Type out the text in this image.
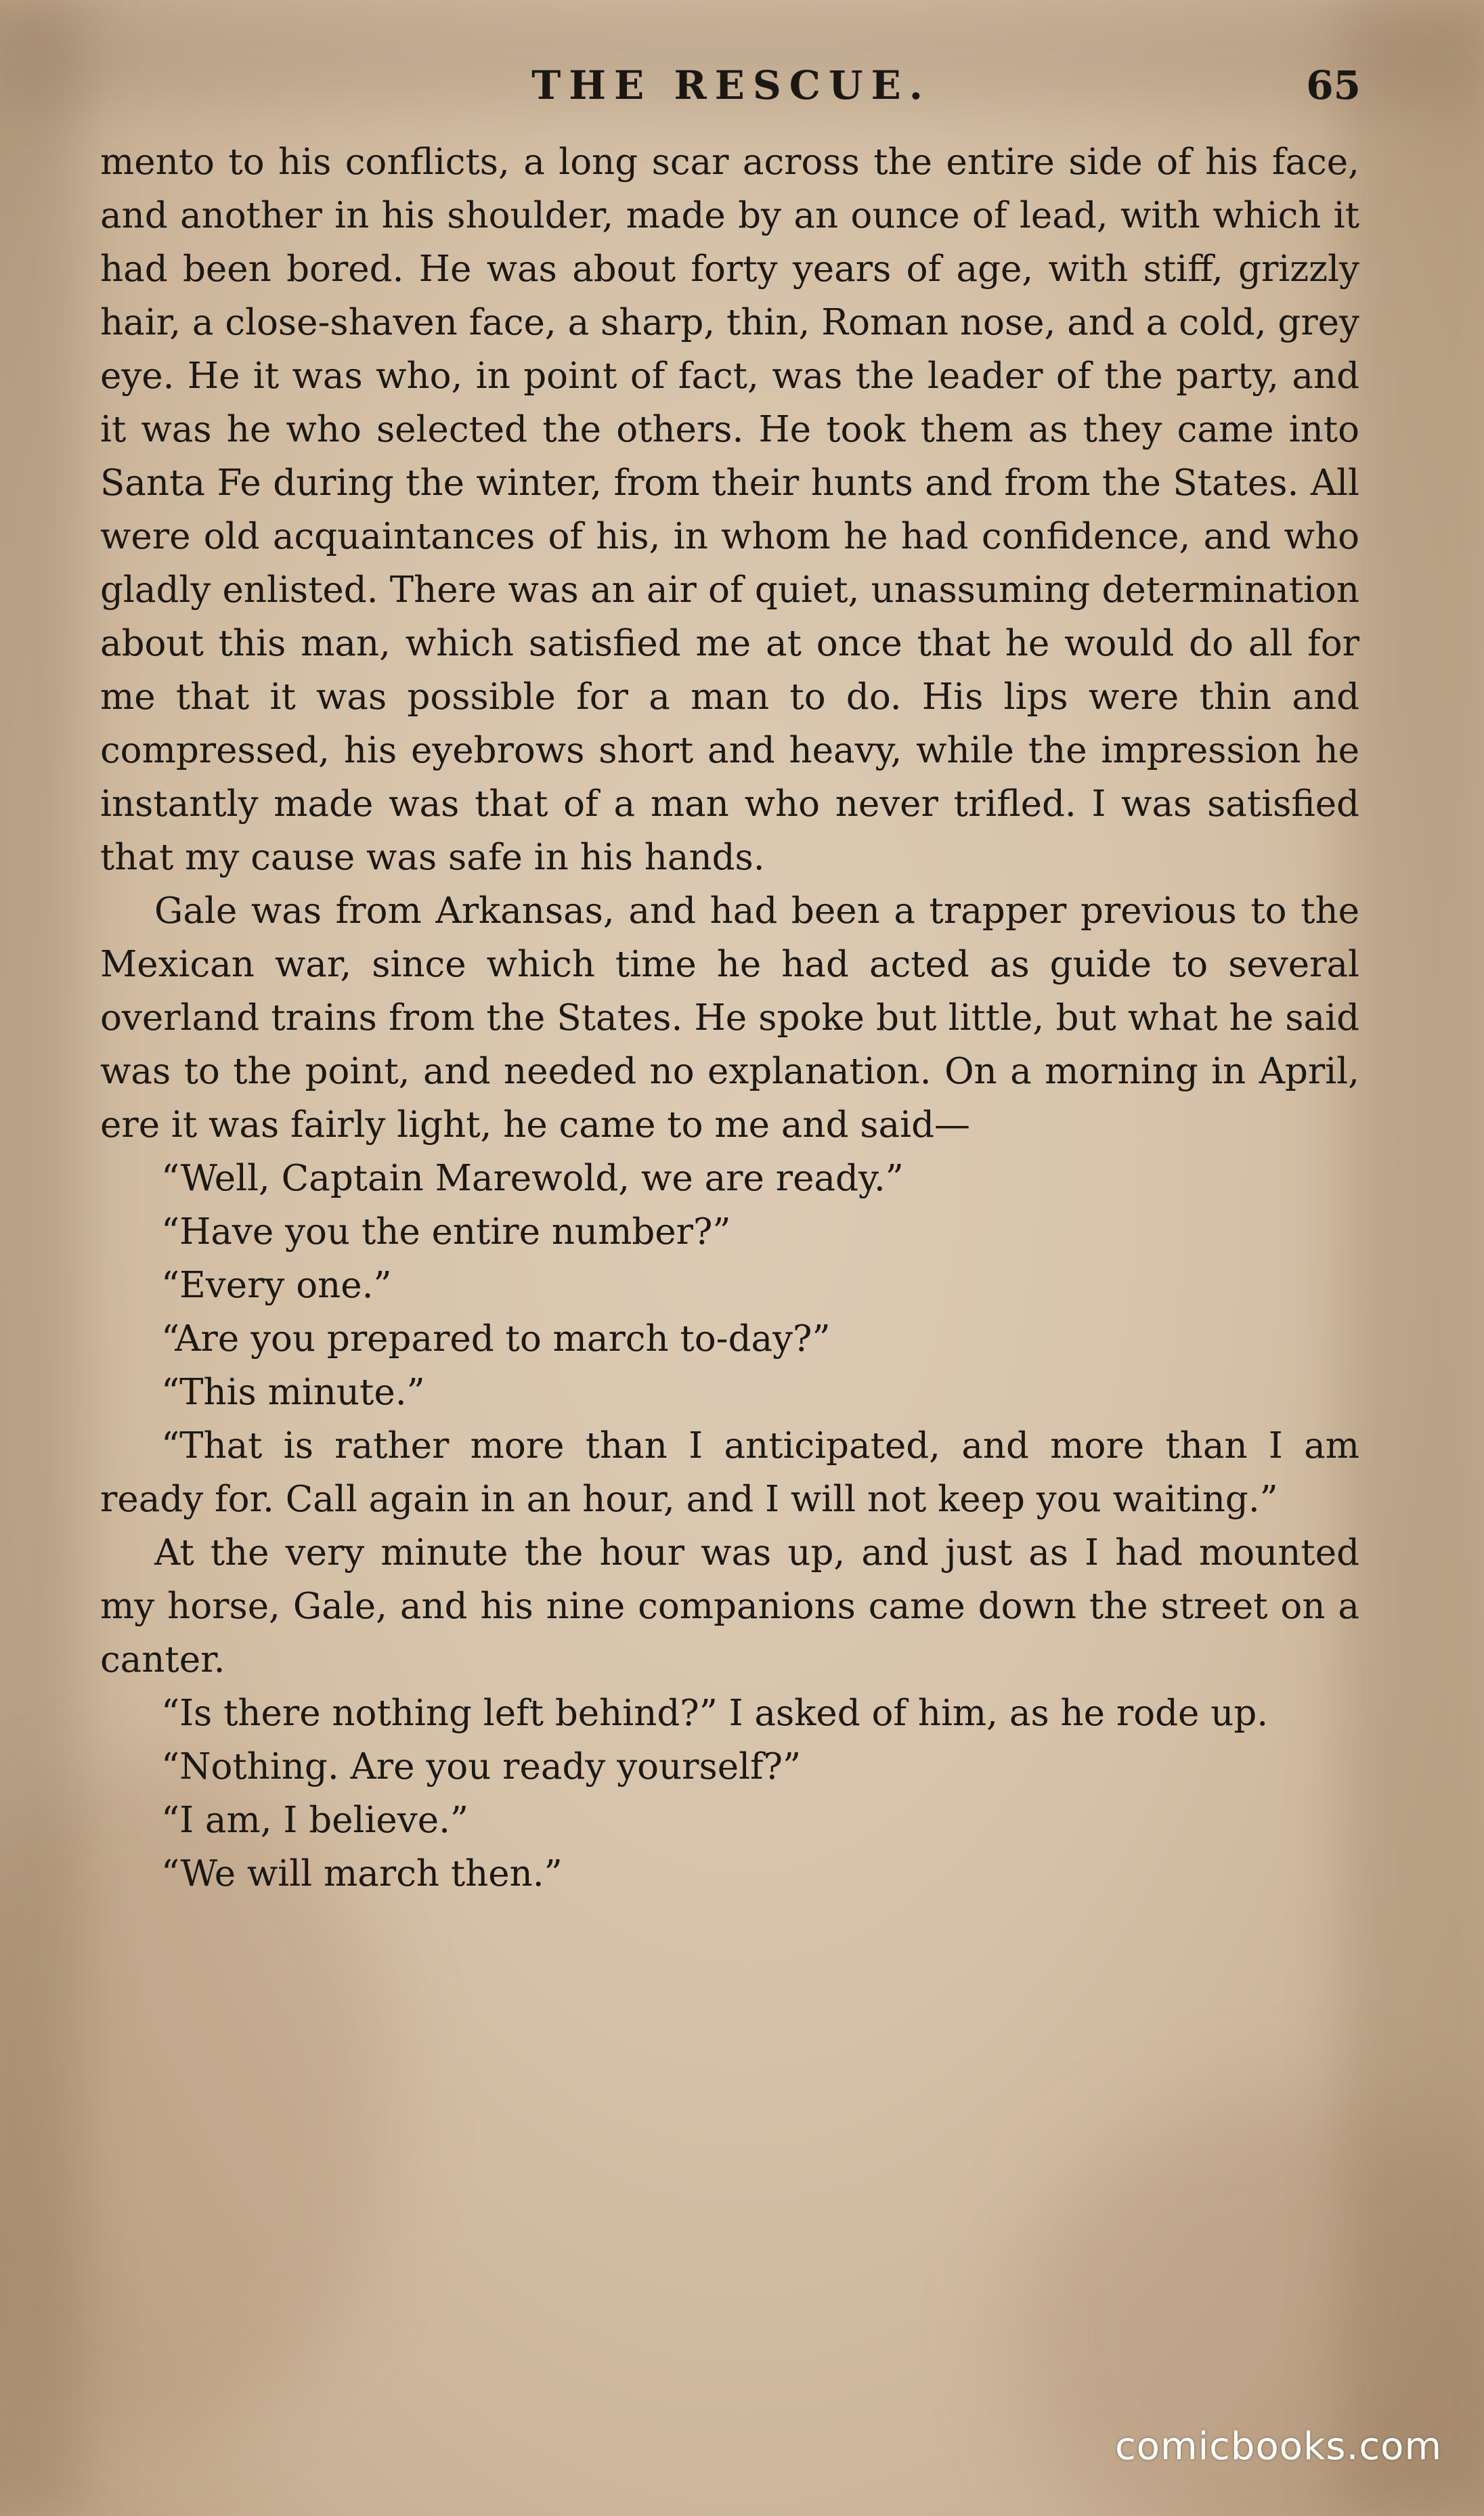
THE RESCUE.	65

mento to his conflicts, a long scar across the entire side of his face, and another in his shoulder, made by an ounce of lead, with which it had been bored. He was about forty years of age, with stiff, grizzly hair, a close-shaven face, a sharp, thin, Roman nose, and a cold, grey eye. He it was who, in point of fact, was the leader of the party, and it was he who selected the others. He took them as they came into Santa Fe during the winter, from their hunts and from the States. All were old acquaintances of his, in whom he had confidence, and who gladly enlisted. There was an air of quiet, unassuming determination about this man, which satisfied me at once that he would do all for me that it was possible for a man to do. His lips were thin and compressed, his eyebrows short and heavy, while the impression he instantly made was that of a man who never trifled. I was satisfied that my cause was safe in his hands.

Gale was from Arkansas, and had been a trapper previous to the Mexican war, since which time he had acted as guide to several overland trains from the States. He spoke but little, but what he said was to the point, and needed no explanation. On a morning in April, ere it was fairly light, he came to me and said—

“Well, Captain Marewold, we are ready.”

“Have you the entire number?”

“Every one.”

“Are you prepared to march to-day?”

“This minute.”

“That is rather more than I anticipated, and more than I am ready for. Call again in an hour, and I will not keep you waiting.”

At the very minute the hour was up, and just as I had mounted my horse, Gale, and his nine companions came down the street on a canter.

“Is there nothing left behind?” I asked of him, as he rode up.

“Nothing. Are you ready yourself?”

“I am, I believe.”

“We will march then.”

comicbooks.com
